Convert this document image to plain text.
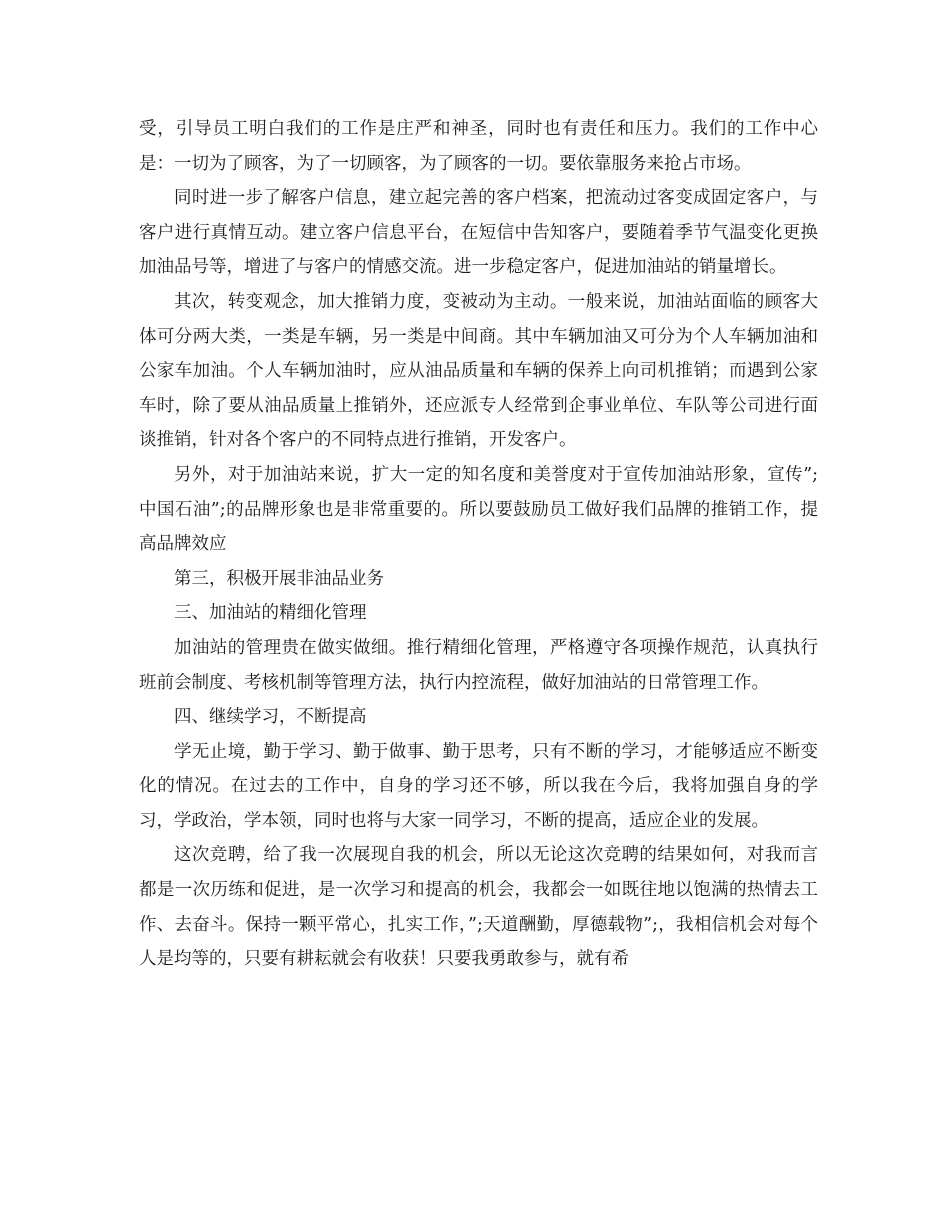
受，引导员工明白我们的工作是庄严和神圣，同时也有责任和压力。我们的工作中心是：一切为了顾客，为了一切顾客，为了顾客的一切。要依靠服务来抢占市场。

同时进一步了解客户信息，建立起完善的客户档案，把流动过客变成固定客户，与客户进行真情互动。建立客户信息平台，在短信中告知客户，要随着季节气温变化更换加油品号等，增进了与客户的情感交流。进一步稳定客户，促进加油站的销量增长。

其次，转变观念，加大推销力度，变被动为主动。一般来说，加油站面临的顾客大体可分两大类，一类是车辆，另一类是中间商。其中车辆加油又可分为个人车辆加油和公家车加油。个人车辆加油时，应从油品质量和车辆的保养上向司机推销；而遇到公家车时，除了要从油品质量上推销外，还应派专人经常到企事业单位、车队等公司进行面谈推销，针对各个客户的不同特点进行推销，开发客户。

另外，对于加油站来说，扩大一定的知名度和美誉度对于宣传加油站形象，宣传”;中国石油”;的品牌形象也是非常重要的。所以要鼓励员工做好我们品牌的推销工作，提高品牌效应

第三，积极开展非油品业务

三、加油站的精细化管理

加油站的管理贵在做实做细。推行精细化管理，严格遵守各项操作规范，认真执行班前会制度、考核机制等管理方法，执行内控流程，做好加油站的日常管理工作。

四、继续学习，不断提高

学无止境，勤于学习、勤于做事、勤于思考，只有不断的学习，才能够适应不断变化的情况。在过去的工作中，自身的学习还不够，所以我在今后，我将加强自身的学习，学政治，学本领，同时也将与大家一同学习，不断的提高，适应企业的发展。

这次竞聘，给了我一次展现自我的机会，所以无论这次竞聘的结果如何，对我而言都是一次历练和促进，是一次学习和提高的机会，我都会一如既往地以饱满的热情去工作、去奋斗。保持一颗平常心，扎实工作，”;天道酬勤，厚德载物”;，我相信机会对每个人是均等的，只要有耕耘就会有收获！只要我勇敢参与，就有希
